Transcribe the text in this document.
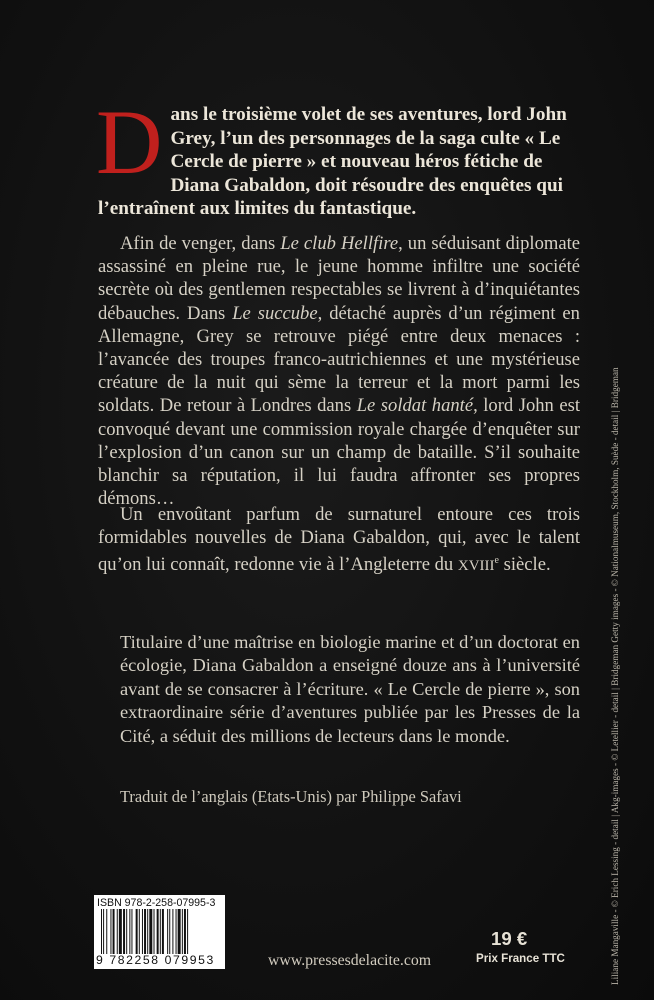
D ans le troisième volet de ses aventures, lord John Grey, l’un des personnages de la saga culte « Le Cercle de pierre » et nouveau héros fétiche de Diana Gabaldon, doit résoudre des enquêtes qui l’entraînent aux limites du fantastique.
Afin de venger, dans Le club Hellfire, un séduisant diplomate assassiné en pleine rue, le jeune homme infiltre une société secrète où des gentlemen respectables se livrent à d’inquiétantes débauches. Dans Le succube, détaché auprès d’un régiment en Allemagne, Grey se retrouve piégé entre deux menaces : l’avancée des troupes franco-autrichiennes et une mystérieuse créature de la nuit qui sème la terreur et la mort parmi les soldats. De retour à Londres dans Le soldat hanté, lord John est convoqué devant une commission royale chargée d’enquêter sur l’explosion d’un canon sur un champ de bataille. S’il souhaite blanchir sa réputation, il lui faudra affronter ses propres démons…
Un envoûtant parfum de surnaturel entoure ces trois formidables nouvelles de Diana Gabaldon, qui, avec le talent qu’on lui connaît, redonne vie à l’Angleterre du XVIIIe siècle.
Titulaire d’une maîtrise en biologie marine et d’un doctorat en écologie, Diana Gabaldon a enseigné douze ans à l’université avant de se consacrer à l’écriture. « Le Cercle de pierre », son extraordinaire série d’aventures publiée par les Presses de la Cité, a séduit des millions de lecteurs dans le monde.
Traduit de l’anglais (Etats-Unis) par Philippe Safavi	Liliane Mangaville - © Erich Lessing - detail | Akg-images - © Letellier - detail | Bridgeman Getty images - © Nationalmuseum, Stockholm, Suède - detail | Bridgeman
ISBN 978-2-258-07995-3
9 782258 079953	www.pressesdelacite.com
19 €
Prix France TTC
